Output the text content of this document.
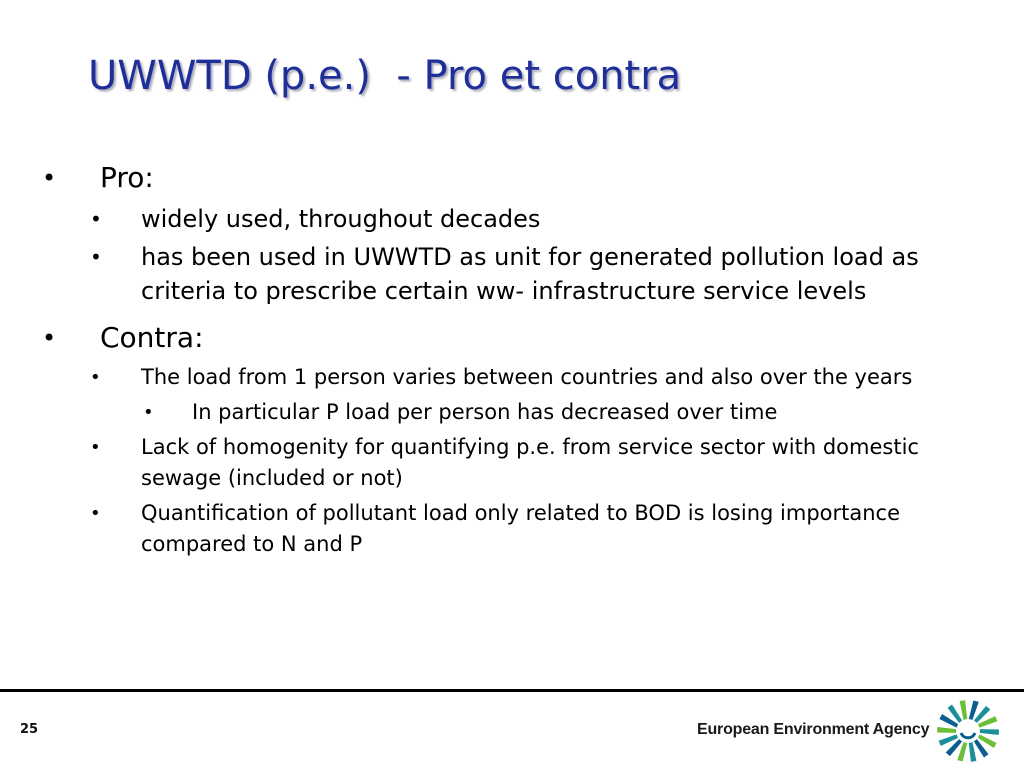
UWWTD (p.e.)  - Pro et contra
• Pro:
• widely used, throughout decades
• has been used in UWWTD as unit for generated pollution load as criteria to prescribe certain ww- infrastructure service levels
• Contra:
• The load from 1 person varies between countries and also over the years
• In particular P load per person has decreased over time
• Lack of homogenity for quantifying p.e. from service sector with domestic sewage (included or not)
• Quantification of pollutant load only related to BOD is losing importance compared to N and P
25	European Environment Agency
